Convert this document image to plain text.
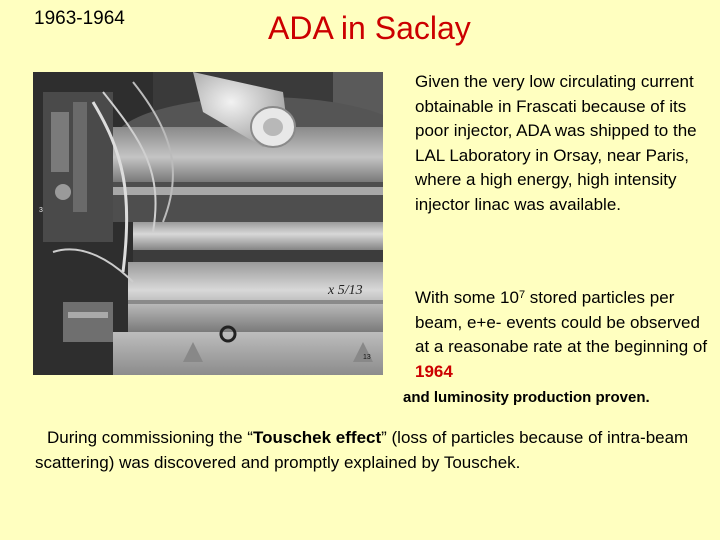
1963-1964	ADA in Saclay
x 5/13
13
3
Given the very low circulating current obtainable in Frascati because of its poor injector, ADA was shipped to the LAL Laboratory in Orsay, near Paris, where a high energy, high intensity injector linac was available.
With some $10^7$ stored particles per beam, e+e- events could be observed at a reasonabe rate at the beginning of 1964
and luminosity production proven.
During commissioning the “Touschek effect” (loss of particles because of intra-beam scattering) was discovered and promptly explained by Touschek.
